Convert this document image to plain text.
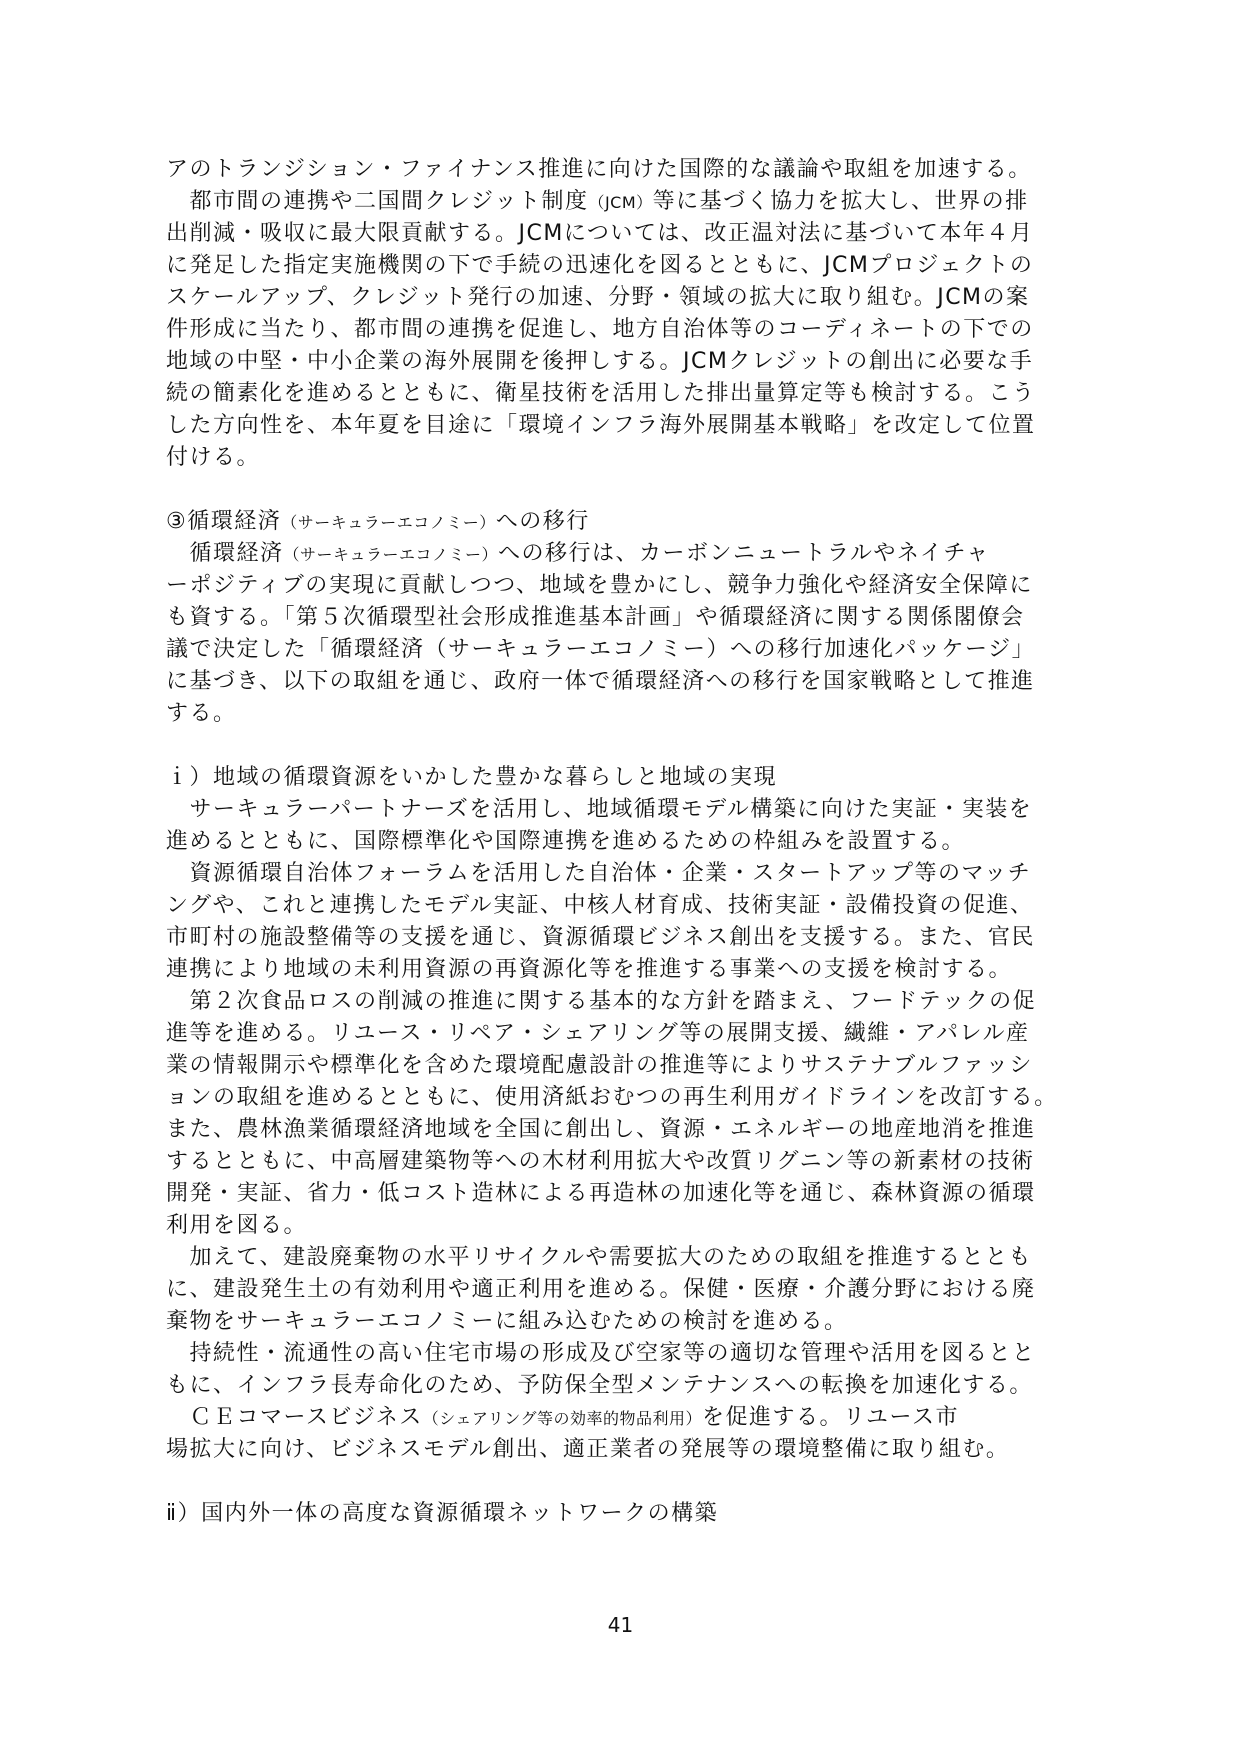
アのトランジション・ファイナンス推進に向けた国際的な議論や取組を加速する。
　都市間の連携や二国間クレジット制度（JCM）等に基づく協力を拡大し、世界の排
出削減・吸収に最大限貢献する。JCMについては、改正温対法に基づいて本年４月
に発足した指定実施機関の下で手続の迅速化を図るとともに、JCMプロジェクトの
スケールアップ、クレジット発行の加速、分野・領域の拡大に取り組む。JCMの案
件形成に当たり、都市間の連携を促進し、地方自治体等のコーディネートの下での
地域の中堅・中小企業の海外展開を後押しする。JCMクレジットの創出に必要な手
続の簡素化を進めるとともに、衛星技術を活用した排出量算定等も検討する。こう
した方向性を、本年夏を目途に「環境インフラ海外展開基本戦略」を改定して位置
付ける。
③循環経済（サーキュラーエコノミー）への移行
　循環経済（サーキュラーエコノミー）への移行は、カーボンニュートラルやネイチャ
ーポジティブの実現に貢献しつつ、地域を豊かにし、競争力強化や経済安全保障に
も資する。「第５次循環型社会形成推進基本計画」や循環経済に関する関係閣僚会
議で決定した「循環経済（サーキュラーエコノミー）への移行加速化パッケージ」
に基づき、以下の取組を通じ、政府一体で循環経済への移行を国家戦略として推進
する。
ｉ）地域の循環資源をいかした豊かな暮らしと地域の実現
　サーキュラーパートナーズを活用し、地域循環モデル構築に向けた実証・実装を
進めるとともに、国際標準化や国際連携を進めるための枠組みを設置する。
　資源循環自治体フォーラムを活用した自治体・企業・スタートアップ等のマッチ
ングや、これと連携したモデル実証、中核人材育成、技術実証・設備投資の促進、
市町村の施設整備等の支援を通じ、資源循環ビジネス創出を支援する。また、官民
連携により地域の未利用資源の再資源化等を推進する事業への支援を検討する。
　第２次食品ロスの削減の推進に関する基本的な方針を踏まえ、フードテックの促
進等を進める。リユース・リペア・シェアリング等の展開支援、繊維・アパレル産
業の情報開示や標準化を含めた環境配慮設計の推進等によりサステナブルファッシ
ョンの取組を進めるとともに、使用済紙おむつの再生利用ガイドラインを改訂する。
また、農林漁業循環経済地域を全国に創出し、資源・エネルギーの地産地消を推進
するとともに、中高層建築物等への木材利用拡大や改質リグニン等の新素材の技術
開発・実証、省力・低コスト造林による再造林の加速化等を通じ、森林資源の循環
利用を図る。
　加えて、建設廃棄物の水平リサイクルや需要拡大のための取組を推進するととも
に、建設発生土の有効利用や適正利用を進める。保健・医療・介護分野における廃
棄物をサーキュラーエコノミーに組み込むための検討を進める。
　持続性・流通性の高い住宅市場の形成及び空家等の適切な管理や活用を図るとと
もに、インフラ長寿命化のため、予防保全型メンテナンスへの転換を加速化する。
　ＣＥコマースビジネス（シェアリング等の効率的物品利用）を促進する。リユース市
場拡大に向け、ビジネスモデル創出、適正業者の発展等の環境整備に取り組む。
ⅱ）国内外一体の高度な資源循環ネットワークの構築
41
